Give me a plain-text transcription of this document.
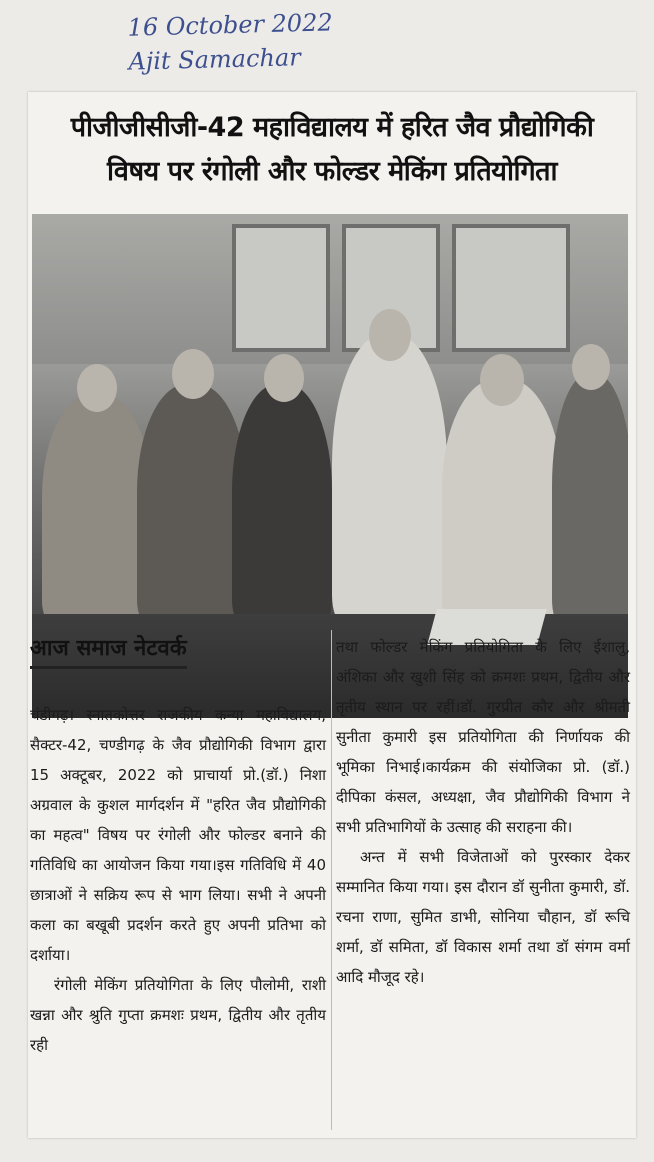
16 October 2022
Ajit Samachar
पीजीजीसीजी-42 महाविद्यालय में हरित जैव प्रौद्योगिकी
विषय पर रंगोली और फोल्डर मेकिंग प्रतियोगिता
आज समाज नेटवर्क

चंडीगढ़। स्नातकोत्तर राजकीय कन्या महाविद्यालय, सैक्टर-42, चण्डीगढ़ के जैव प्रौद्योगिकी विभाग द्वारा 15 अक्टूबर, 2022 को प्राचार्या प्रो.(डॉ.) निशा अग्रवाल के कुशल मार्गदर्शन में "हरित जैव प्रौद्योगिकी का महत्व" विषय पर रंगोली और फोल्डर बनाने की गतिविधि का आयोजन किया गया।इस गतिविधि में 40 छात्राओं ने सक्रिय रूप से भाग लिया। सभी ने अपनी कला का बखूबी प्रदर्शन करते हुए अपनी प्रतिभा को दर्शाया।

रंगोली मेकिंग प्रतियोगिता के लिए पौलोमी, राशी खन्ना और श्रुति गुप्ता क्रमशः प्रथम, द्वितीय और तृतीय रही

तथा फोल्डर मेकिंग प्रतियोगिता के लिए ईशालु, अंशिका और खुशी सिंह को क्रमशः प्रथम, द्वितीय और तृतीय स्थान पर रहीं।डॉ. गुरप्रीत कौर और श्रीमती सुनीता कुमारी इस प्रतियोगिता की निर्णायक की भूमिका निभाई।कार्यक्रम की संयोजिका प्रो. (डॉ.) दीपिका कंसल, अध्यक्षा, जैव प्रौद्योगिकी विभाग ने सभी प्रतिभागियों के उत्साह की सराहना की।

अन्त में सभी विजेताओं को पुरस्कार देकर सम्मानित किया गया। इस दौरान डॉ सुनीता कुमारी, डॉ. रचना राणा, सुमित डाभी, सोनिया चौहान, डॉ रूचि शर्मा, डॉ समिता, डॉ विकास शर्मा तथा डॉ संगम वर्मा आदि मौजूद रहे।
